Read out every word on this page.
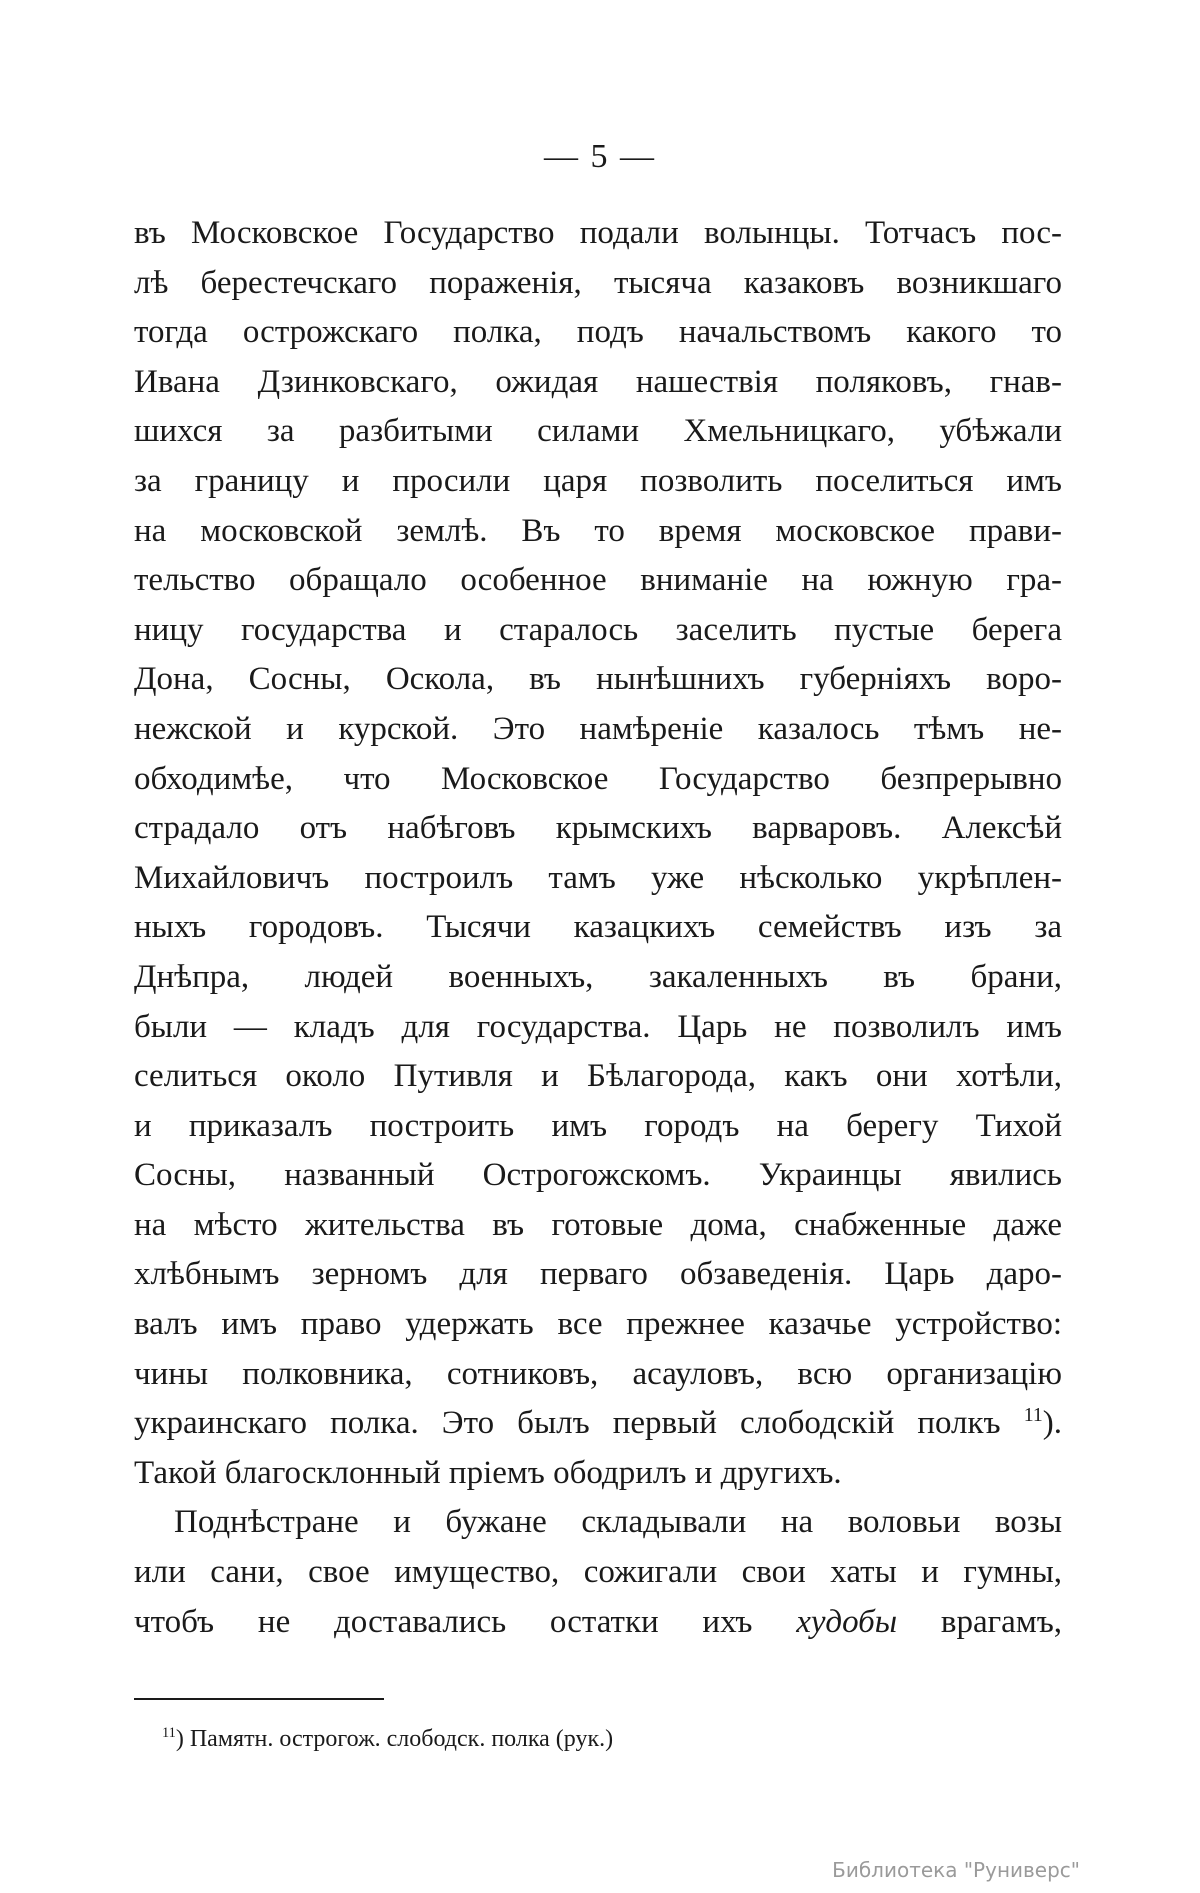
— 5 —
въ Московское Государство подали волынцы. Тотчасъ пос-
лѣ берестечскаго пораженія, тысяча казаковъ возникшаго
тогда острожскаго полка, подъ начальствомъ какого то
Ивана Дзинковскаго, ожидая нашествія поляковъ, гнав-
шихся за разбитыми силами Хмельницкаго, убѣжали
за границу и просили царя позволить поселиться имъ
на московской землѣ. Въ то время московское прави-
тельство обращало особенное вниманіе на южную гра-
ницу государства и старалось заселить пустые берега
Дона, Сосны, Оскола, въ нынѣшнихъ губерніяхъ воро-
нежской и курской. Это намѣреніе казалось тѣмъ не-
обходимѣе, что Московское Государство безпрерывно
страдало отъ набѣговъ крымскихъ варваровъ. Алексѣй
Михайловичъ построилъ тамъ уже нѣсколько укрѣплен-
ныхъ городовъ. Тысячи казацкихъ семействъ изъ за
Днѣпра, людей военныхъ, закаленныхъ въ брани,
были — кладъ для государства. Царь не позволилъ имъ
селиться около Путивля и Бѣлагорода, какъ они хотѣли,
и приказалъ построить имъ городъ на берегу Тихой
Сосны, названный Острогожскомъ. Украинцы явились
на мѣсто жительства въ готовые дома, снабженные даже
хлѣбнымъ зерномъ для перваго обзаведенія. Царь даро-
валъ имъ право удержать все прежнее казачье устройство:
чины полковника, сотниковъ, асауловъ, всю организацію
украинскаго полка. Это былъ первый слободскій полкъ $^{11}$).
Такой благосклонный пріемъ ободрилъ и другихъ.
Поднѣстране и бужане складывали на воловьи возы
или сани, свое имущество, сожигали свои хаты и гумны,
чтобъ не доставались остатки ихъ худобы врагамъ,
$^{11}$) Памятн. острогож. слободск. полка (рук.)
Библиотека "Руниверс"
